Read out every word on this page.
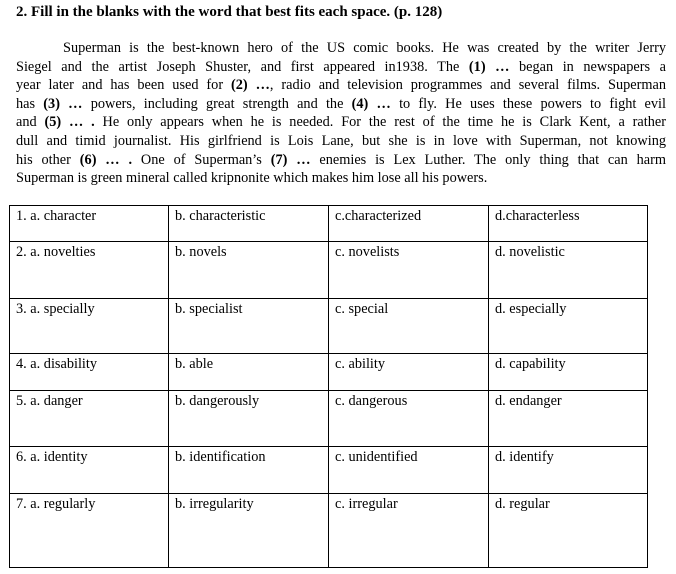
2. Fill in the blanks with the word that best fits each space. (p. 128)
Superman is the best-known hero of the US comic books. He was created by the writer Jerry
Siegel and the artist Joseph Shuster, and first appeared in1938. The (1) … began in newspapers a
year later and has been used for (2) …, radio and television programmes and several films. Superman
has (3) … powers, including great strength and the (4) … to fly. He uses these powers to fight evil
and (5) … . He only appears when he is needed. For the rest of the time he is Clark Kent, a rather
dull and timid journalist. His girlfriend is Lois Lane, but she is in love with Superman, not knowing
his other (6) … . One of Superman’s (7) … enemies is Lex Luther. The only thing that can harm
Superman is green mineral called kripnonite which makes him lose all his powers.
1. a. character	b. characteristic	c.characterized	d.characterless
2. a. novelties	b. novels	c. novelists	d. novelistic
3. a. specially	b. specialist	c. special	d. especially
4. a. disability	b. able	c. ability	d. capability
5. a. danger	b. dangerously	c. dangerous	d. endanger
6. a. identity	b. identification	c. unidentified	d. identify
7. a. regularly	b. irregularity	c. irregular	d. regular
